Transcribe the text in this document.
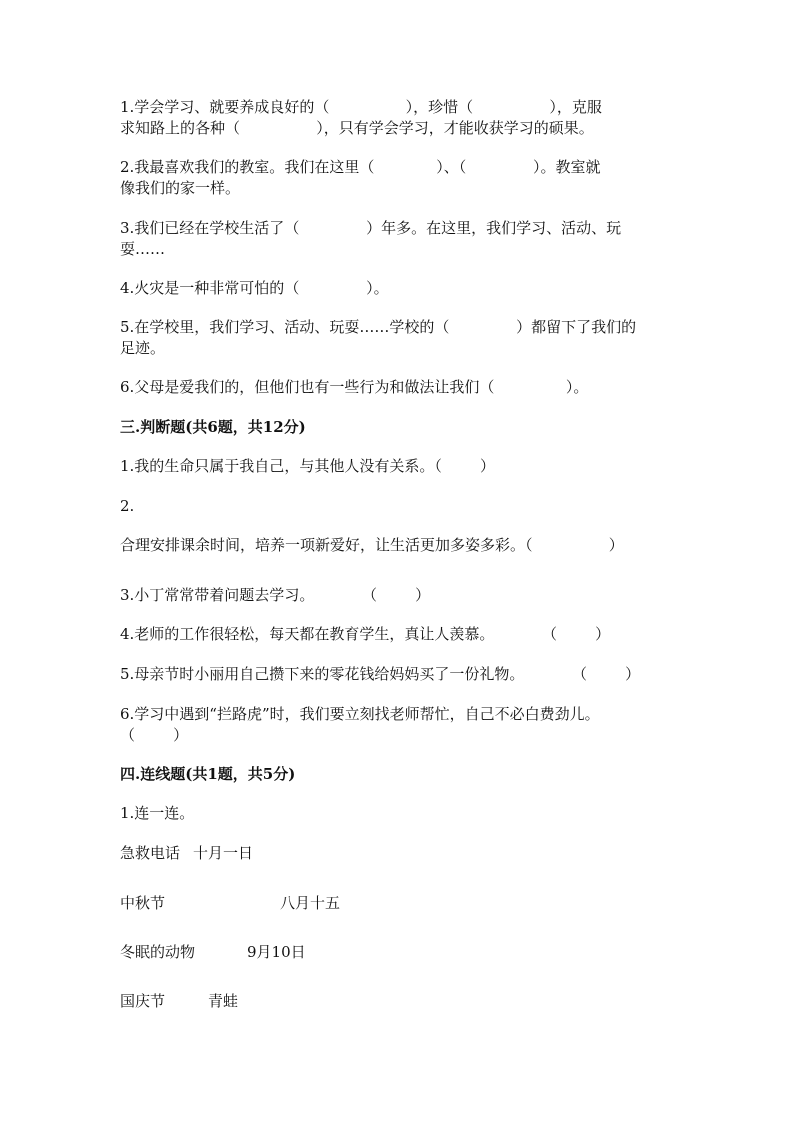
1.学会学习、就要养成良好的（                ），珍惜（                ），克服
求知路上的各种（                ），只有学会学习，才能收获学习的硕果。
2.我最喜欢我们的教室。我们在这里（             ）、（              ）。教室就
像我们的家一样。
3.我们已经在学校生活了（              ）年多。在这里，我们学习、活动、玩
耍……
4.火灾是一种非常可怕的（              ）。
5.在学校里，我们学习、活动、玩耍……学校的（              ）都留下了我们的
足迹。
6.父母是爱我们的，但他们也有一些行为和做法让我们（               ）。
三.判断题(共6题，共12分)
1.我的生命只属于我自己，与其他人没有关系。（        ）
2.
合理安排课余时间，培养一项新爱好，让生活更加多姿多彩。（                ）
3.小丁常常带着问题去学习。          （        ）
4.老师的工作很轻松，每天都在教育学生，真让人羡慕。          （        ）
5.母亲节时小丽用自己攒下来的零花钱给妈妈买了一份礼物。          （        ）
6.学习中遇到“拦路虎”时，我们要立刻找老师帮忙，自己不必白费劲儿。
（        ）
四.连线题(共1题，共5分)
1.连一连。
急救电话 十月一日
中秋节	八月十五
冬眠的动物	9月10日
国庆节	青蛙
